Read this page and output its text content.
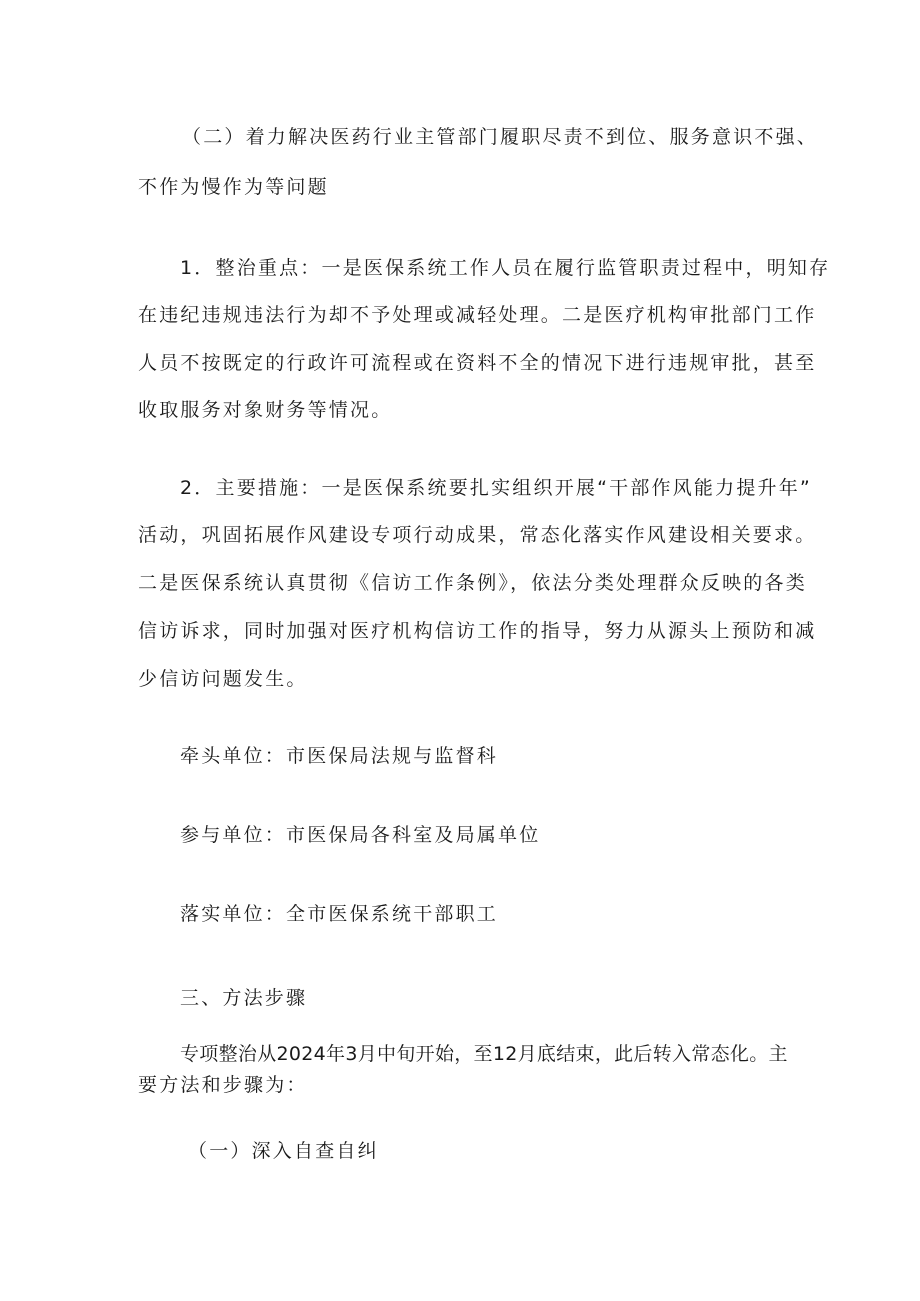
（二）着力解决医药行业主管部门履职尽责不到位、服务意识不强、
不作为慢作为等问题
1．整治重点：一是医保系统工作人员在履行监管职责过程中，明知存
在违纪违规违法行为却不予处理或减轻处理。二是医疗机构审批部门工作
人员不按既定的行政许可流程或在资料不全的情况下进行违规审批，甚至
收取服务对象财务等情况。
2．主要措施：一是医保系统要扎实组织开展“干部作风能力提升年”
活动，巩固拓展作风建设专项行动成果，常态化落实作风建设相关要求。
二是医保系统认真贯彻《信访工作条例》，依法分类处理群众反映的各类
信访诉求，同时加强对医疗机构信访工作的指导，努力从源头上预防和减
少信访问题发生。
牵头单位：市医保局法规与监督科
参与单位：市医保局各科室及局属单位
落实单位：全市医保系统干部职工
三、方法步骤
专项整治从2024年3月中旬开始，至12月底结束，此后转入常态化。主
要方法和步骤为：
（一）深入自查自纠
